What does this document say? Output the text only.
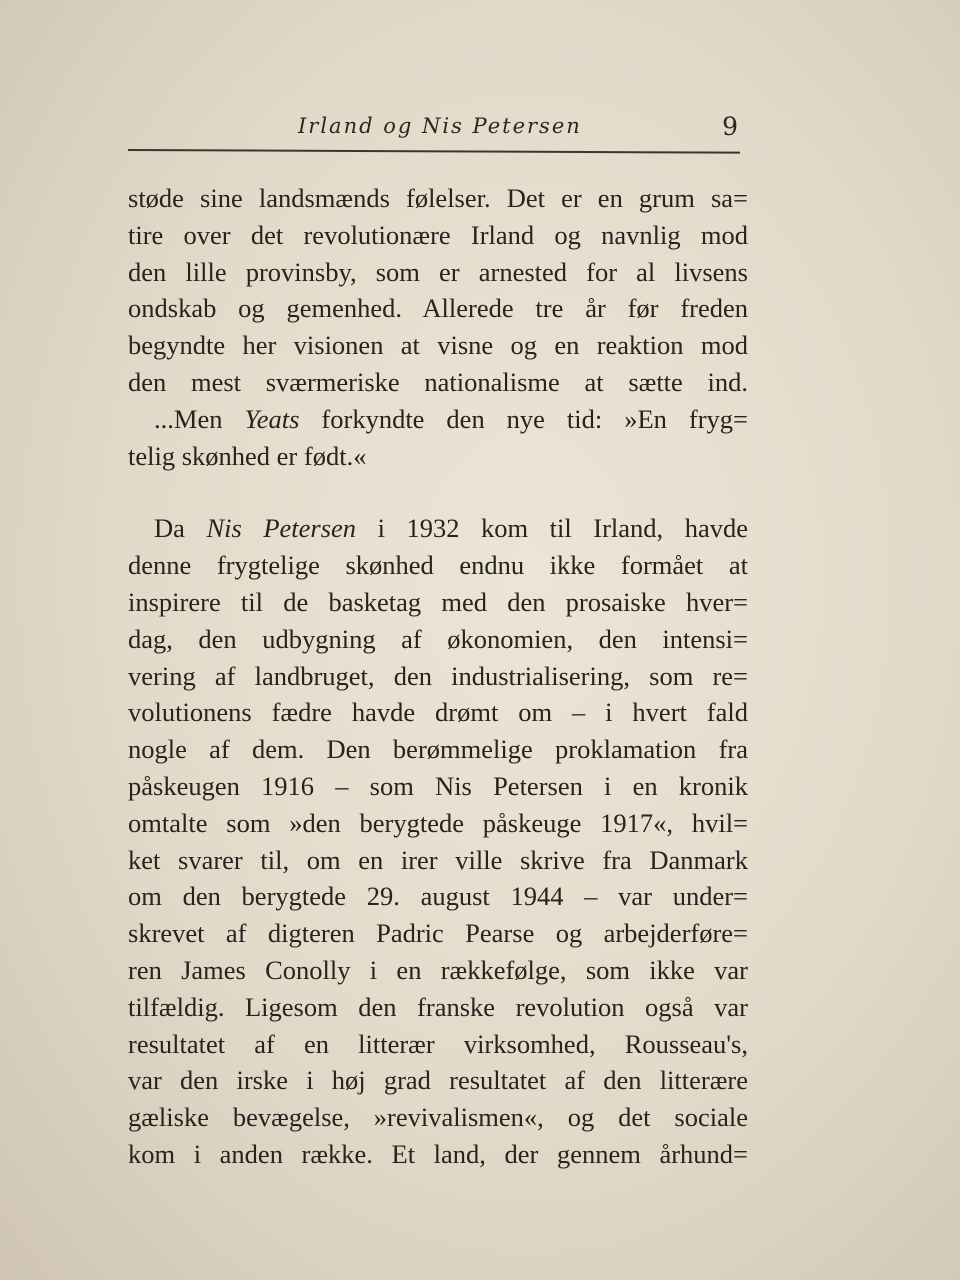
Irland og Nis Petersen	9
støde sine landsmænds følelser. Det er en grum sa=
tire over det revolutionære Irland og navnlig mod
den lille provinsby, som er arnested for al livsens
ondskab og gemenhed. Allerede tre år før freden
begyndte her visionen at visne og en reaktion mod
den mest sværmeriske nationalisme at sætte ind.
...Men Yeats forkyndte den nye tid: »En fryg=
telig skønhed er født.«
Da Nis Petersen i 1932 kom til Irland, havde
denne frygtelige skønhed endnu ikke formået at
inspirere til de basketag med den prosaiske hver=
dag, den udbygning af økonomien, den intensi=
vering af landbruget, den industrialisering, som re=
volutionens fædre havde drømt om – i hvert fald
nogle af dem. Den berømmelige proklamation fra
påskeugen 1916 – som Nis Petersen i en kronik
omtalte som »den berygtede påskeuge 1917«, hvil=
ket svarer til, om en irer ville skrive fra Danmark
om den berygtede 29. august 1944 – var under=
skrevet af digteren Padric Pearse og arbejderføre=
ren James Conolly i en rækkefølge, som ikke var
tilfældig. Ligesom den franske revolution også var
resultatet af en litterær virksomhed, Rousseau's,
var den irske i høj grad resultatet af den litterære
gæliske bevægelse, »revivalismen«, og det sociale
kom i anden række. Et land, der gennem århund=
